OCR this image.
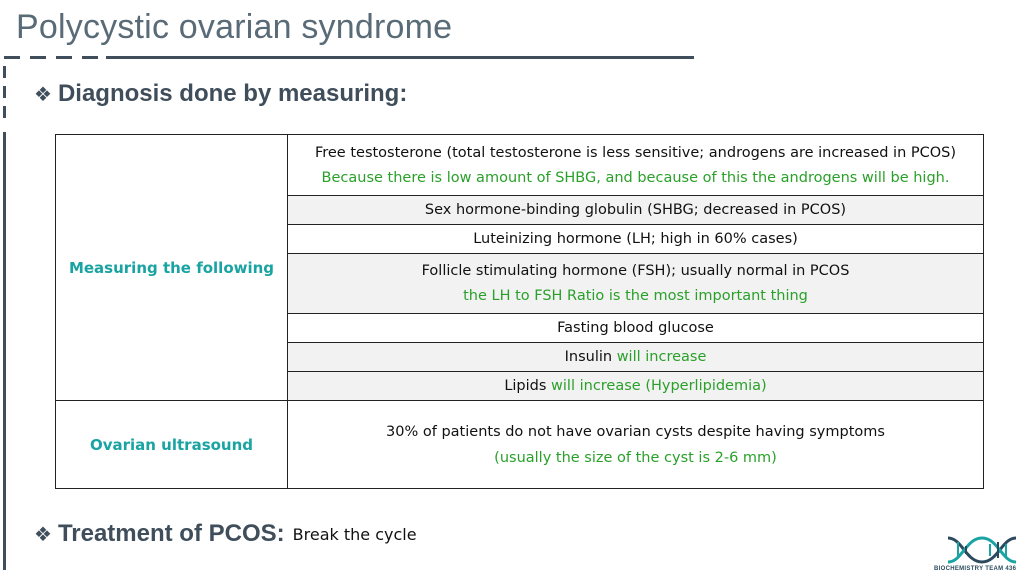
Polycystic ovarian syndrome
❖ Diagnosis done by measuring:
Measuring the following	Free testosterone (total testosterone is less sensitive; androgens are increased in PCOS)
Because there is low amount of SHBG, and because of this the androgens will be high.

	Sex hormone-binding globulin (SHBG; decreased in PCOS)
	Luteinizing hormone (LH; high in 60% cases)

	Follicle stimulating hormone (FSH); usually normal in PCOS
the LH to FSH Ratio is the most important thing

	Fasting blood glucose
	Insulin will increase
	Lipids will increase (Hyperlipidemia)
Ovarian ultrasound	30% of patients do not have ovarian cysts despite having symptoms
(usually the size of the cyst is 2-6 mm)
❖ Treatment of PCOS: Break the cycle
BIOCHEMISTRY TEAM 436
